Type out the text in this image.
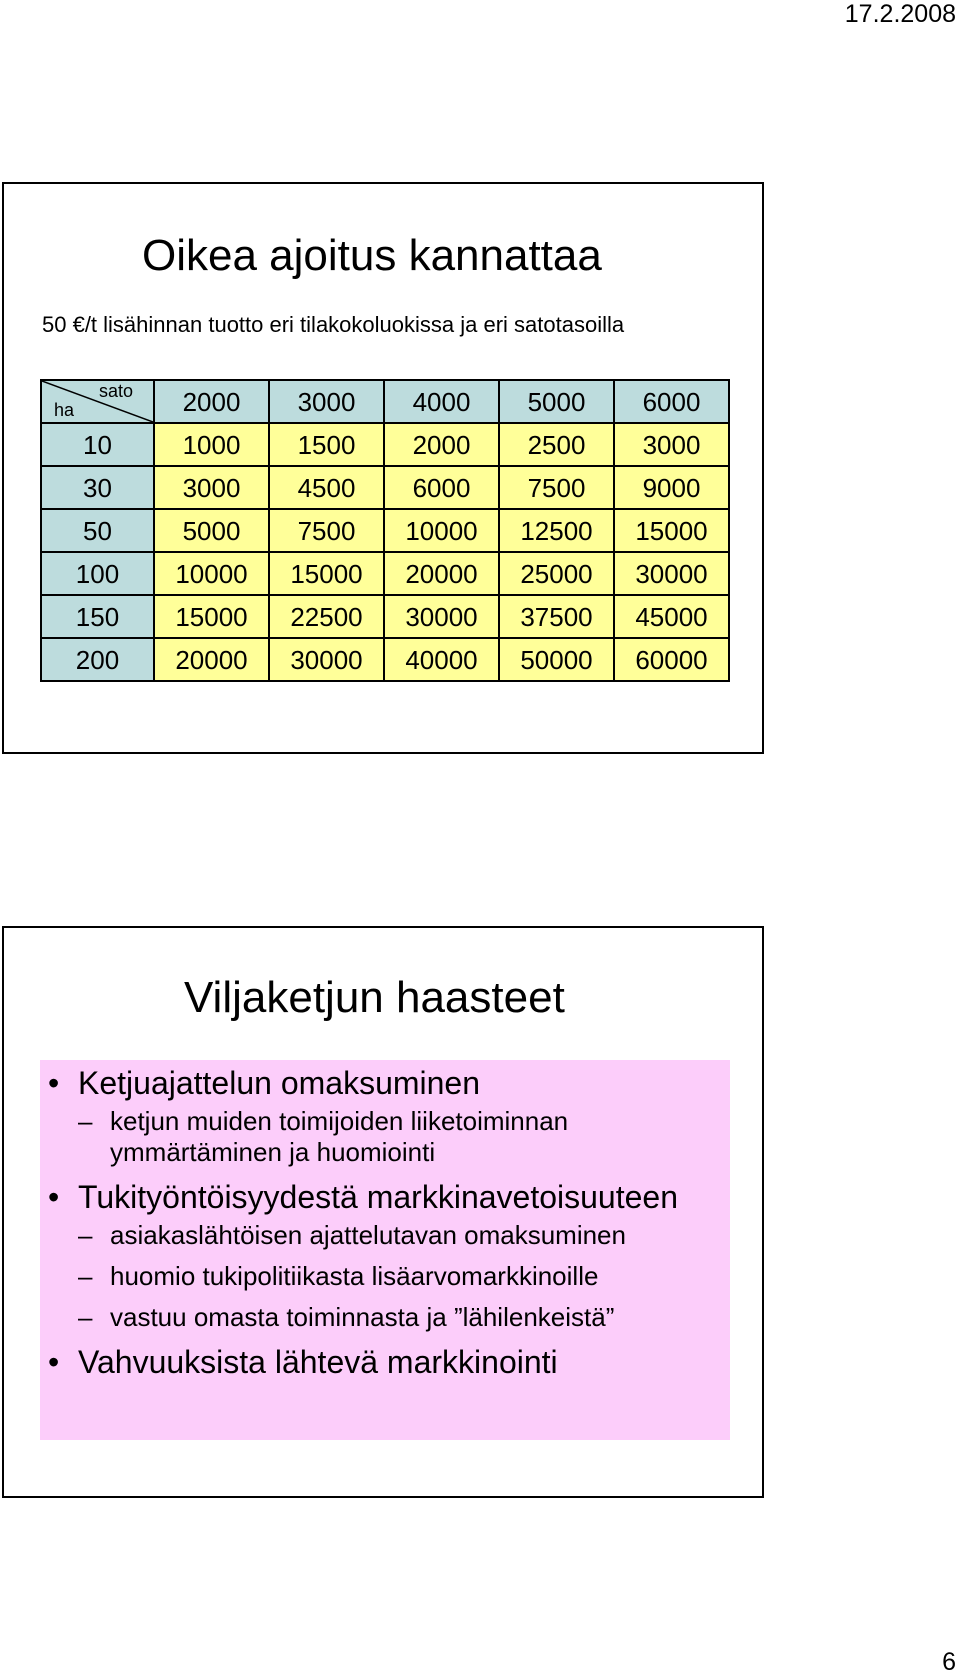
17.2.2008
Oikea ajoitus kannattaa
50 €/t lisähinnan tuotto eri tilakokoluokissa ja eri satotasoilla
sato
ha	2000	3000	4000	5000	6000
10	1000	1500	2000	2500	3000
30	3000	4500	6000	7500	9000
50	5000	7500	10000	12500	15000
100	10000	15000	20000	25000	30000
150	15000	22500	30000	37500	45000
200	20000	30000	40000	50000	60000
Viljaketjun haasteet
• Ketjuajattelun omaksuminen
– ketjun muiden toimijoiden liiketoiminnan ymmärtäminen ja huomiointi
• Tukityöntöisyydestä markkinavetoisuuteen
– asiakaslähtöisen ajattelutavan omaksuminen
– huomio tukipolitiikasta lisäarvomarkkinoille
– vastuu omasta toiminnasta ja ”lähilenkeistä”
• Vahvuuksista lähtevä markkinointi
6
